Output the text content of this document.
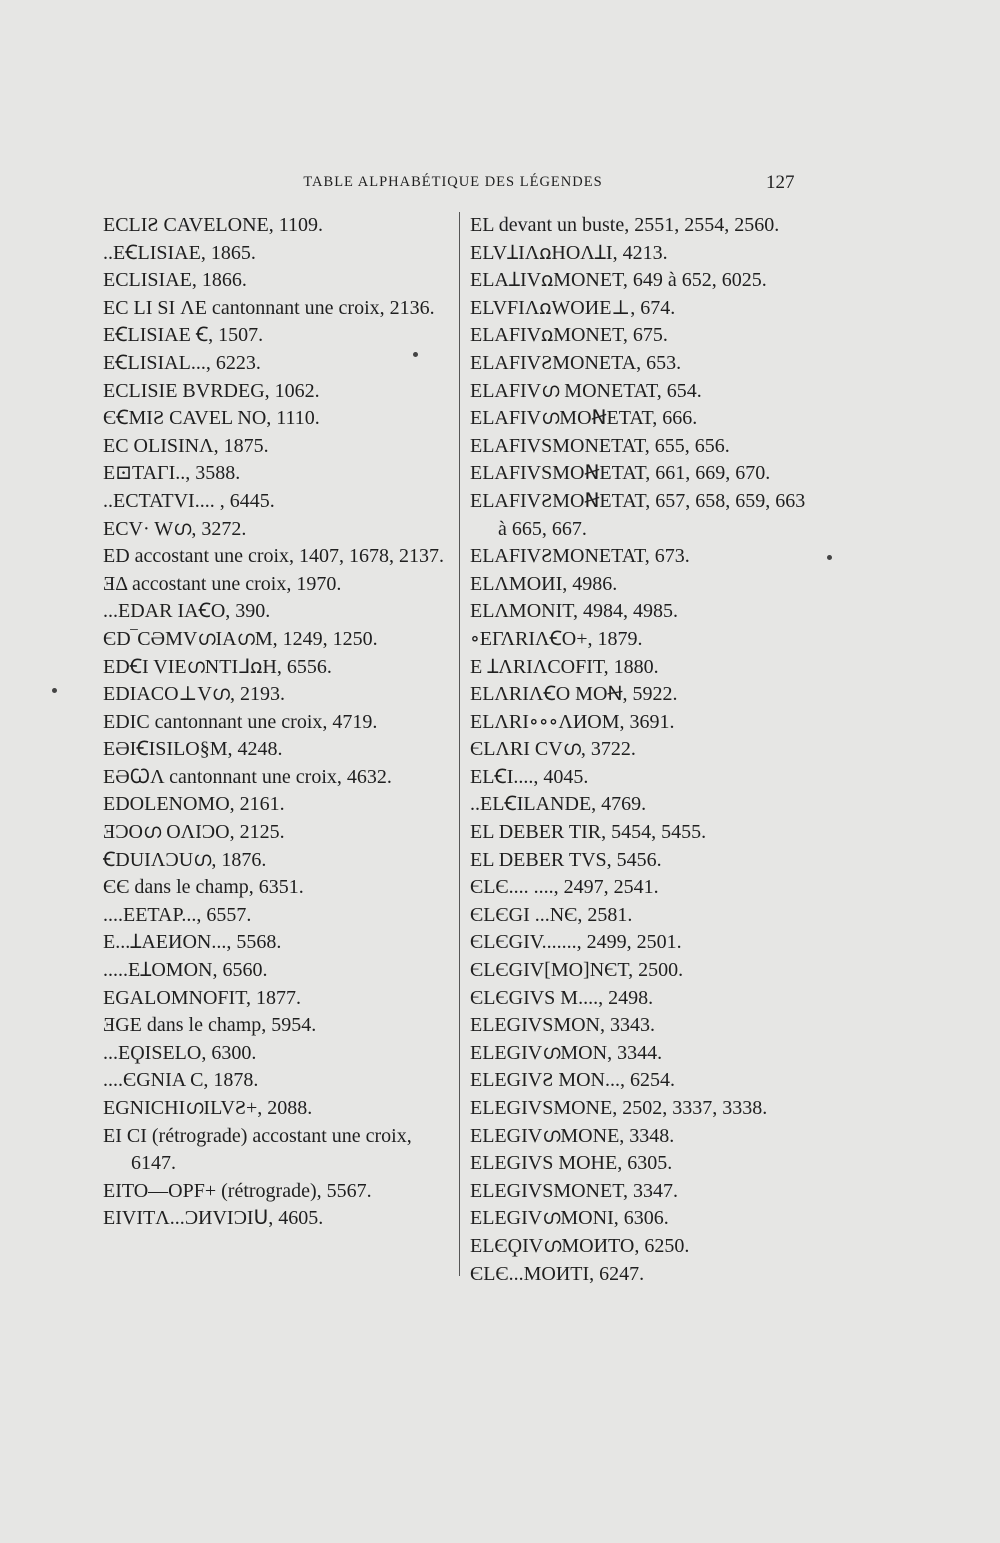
TABLE ALPHABÉTIQUE DES LÉGENDES	127

ECLIƧ CAVELONE, 1109.

..EꞒLISIAE, 1865.

ECLISIAE, 1866.

EC LI SI ΛE cantonnant une croix, 2136.

EꞒLISIAE Ꞓ, 1507.

EꞒLISIAL..., 6223.

ECLISIE BVRDEG, 1062.

ЄꞒMIƧ CAVEL NO, 1110.

EC OLISINΛ, 1875.

E⊡TAΓI.., 3588.

..ECTATVI.... , 6445.

ECV· Wഗ, 3272.

ED accostant une croix, 1407, 1678, 2137.

ƎΔ accostant une croix, 1970.

...EDAR IAꞒO, 390.

ЄD‾CƏMVഗIAഗM, 1249, 1250.

EDꞒI VIEഗNTIᒧꭥH, 6556.

EDIACO⊥Vഗ, 2193.

EDIC cantonnant une croix, 4719.

EƏIꞒISILO§M, 4248.

EƏꞶΛ cantonnant une croix, 4632.

EDOLENOMO, 2161.

ƎƆOഗ OΛIƆO, 2125.

ꞒDUIΛƆUഗ, 1876.

ЄЄ dans le champ, 6351.

....EETAP..., 6557.

E...ꞱAEИON..., 5568.

.....EꞱOMON, 6560.

EGALOMNOFIT, 1877.

ƎGE dans le champ, 5954.

...EϘISELO, 6300.

....ЄGNIA C, 1878.

EGNICHIഗILVƧ+, 2088.

EI CI (rétrograde) accostant une croix, 6147.

EITO—OPF+ (rétrograde), 5567.

EIVITΛ...ƆИVIƆIᑌ, 4605.

EL devant un buste, 2551, 2554, 2560.

ELVꞱIΛꭥHOΛꞱI, 4213.

ELAꞱIVꭥMONET, 649 à 652, 6025.

ELVFIΛꭥWOИE⊥, 674.

ELAFIVꭥMONET, 675.

ELAFIVƧMONETA, 653.

ELAFIVഗ MONETAT, 654.

ELAFIVഗMOꞤETAT, 666.

ELAFIVSMONETAT, 655, 656.

ELAFIVSMOꞤETAT, 661, 669, 670.

ELAFIVƧMOꞤETAT, 657, 658, 659, 663 à 665, 667.

ELAFIVƧMONETAT, 673.

ELΛMOИI, 4986.

ELΛMONIT, 4984, 4985.

∘EΓΛRIΛꞒO+, 1879.

E ꞱΛRIΛCOFIT, 1880.

ELΛRIΛꞒO MOꞤ, 5922.

ELΛRI∘∘∘ΛИOM, 3691.

ЄLΛRI CVഗ, 3722.

ELꞒI...., 4045.

..ELꞒILANDE, 4769.

EL DEBER TIR, 5454, 5455.

EL DEBER TVS, 5456.

ЄLЄ.... ...., 2497, 2541.

ЄLЄGI ...NЄ, 2581.

ЄLЄGIV......., 2499, 2501.

ЄLЄGIV[MO]NЄT, 2500.

ЄLЄGIVS M...., 2498.

ELEGIVSMON, 3343.

ELEGIVഗMON, 3344.

ELEGIVƧ MON..., 6254.

ELEGIVSMONE, 2502, 3337, 3338.

ELEGIVഗMONE, 3348.

ELEGIVS MOHE, 6305.

ELEGIVSMONET, 3347.

ELEGIVഗMONI, 6306.

ELЄϘIVഗMOИTO, 6250.

ЄLЄ...MOИTI, 6247.
